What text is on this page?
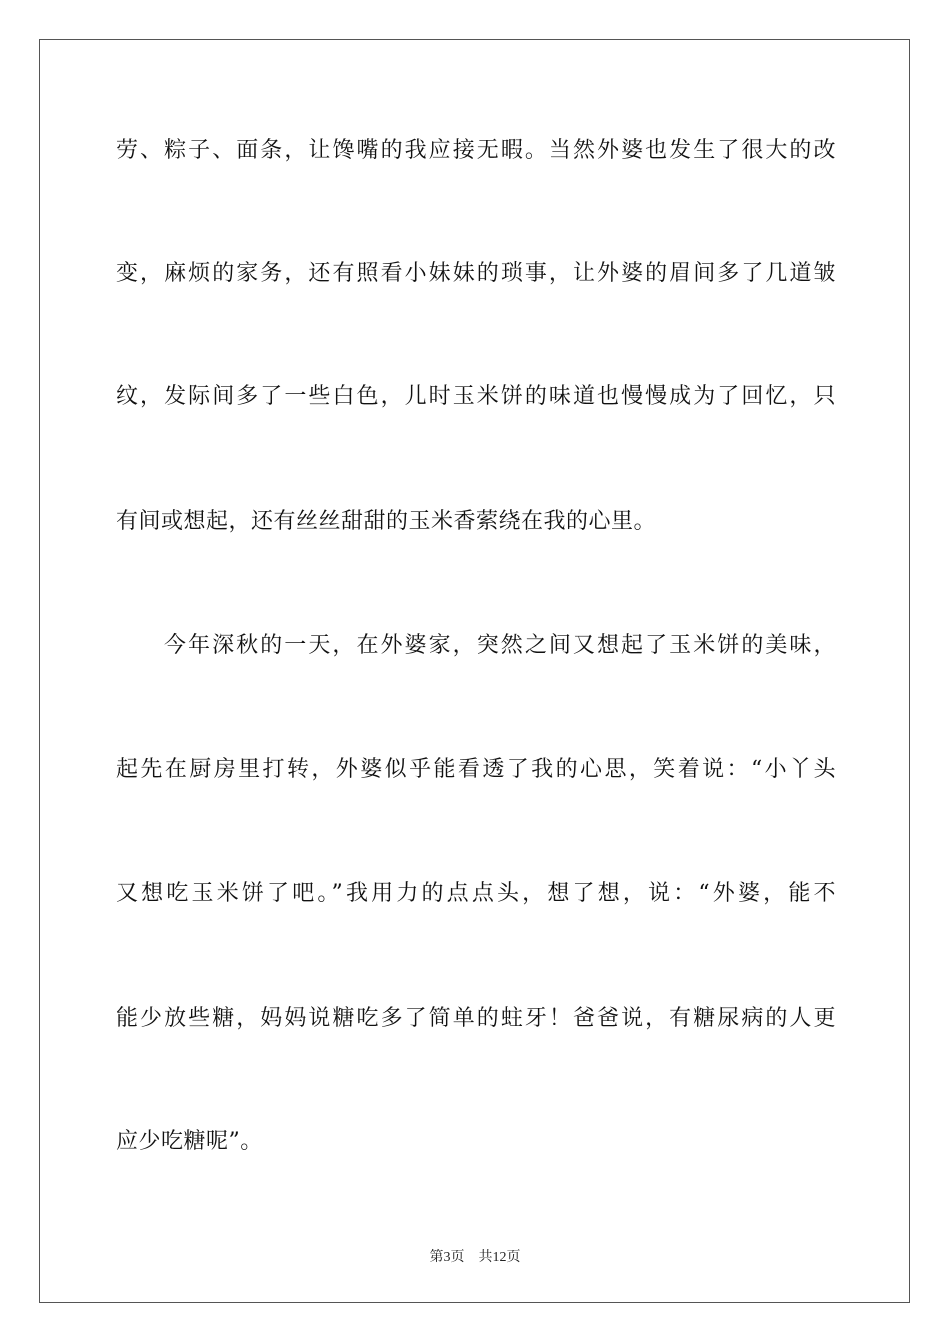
劳、粽子、面条，让馋嘴的我应接无暇。当然外婆也发生了很大的改
变，麻烦的家务，还有照看小妹妹的琐事，让外婆的眉间多了几道皱
纹，发际间多了一些白色，儿时玉米饼的味道也慢慢成为了回忆，只
有间或想起，还有丝丝甜甜的玉米香萦绕在我的心里。
今年深秋的一天，在外婆家，突然之间又想起了玉米饼的美味，
起先在厨房里打转，外婆似乎能看透了我的心思，笑着说：“小丫头
又想吃玉米饼了吧。”我用力的点点头，想了想，说：“外婆，能不
能少放些糖，妈妈说糖吃多了简单的蛀牙！爸爸说，有糖尿病的人更
应少吃糖呢”。
第3页 共12页
